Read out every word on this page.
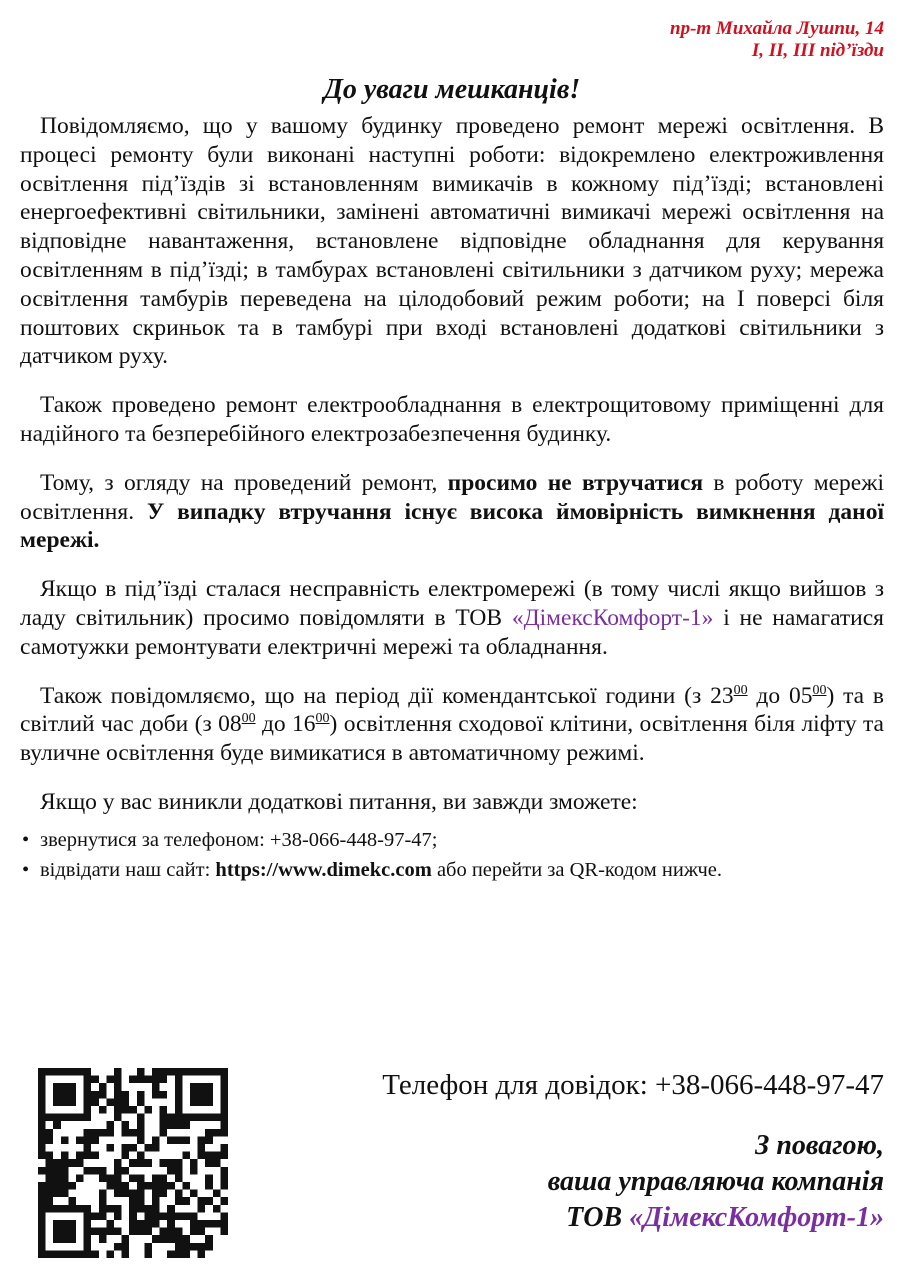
пр-т Михайла Лушпи, 14
І, ІІ, ІІІ під’їзди
До уваги мешканців!

Повідомляємо, що у вашому будинку проведено ремонт мережі освітлення. В процесі ремонту були виконані наступні роботи: відокремлено електроживлення освітлення під’їздів зі встановленням вимикачів в кожному під’їзді; встановлені енергоефективні світильники, замінені автоматичні вимикачі мережі освітлення на відповідне навантаження, встановлене відповідне обладнання для керування освітленням в під’їзді; в тамбурах встановлені світильники з датчиком руху; мережа освітлення тамбурів переведена на цілодобовий режим роботи; на І поверсі біля поштових скриньок та в тамбурі при вході встановлені додаткові світильники з датчиком руху.

Також проведено ремонт електрообладнання в електрощитовому приміщенні для надійного та безперебійного електрозабезпечення будинку.

Тому, з огляду на проведений ремонт, просимо не втручатися в роботу мережі освітлення. У випадку втручання існує висока ймовірність вимкнення даної мережі.

Якщо в під’їзді сталася несправність електромережі (в тому числі якщо вийшов з ладу світильник) просимо повідомляти в ТОВ «ДімексКомфорт-1» і не намагатися самотужки ремонтувати електричні мережі та обладнання.

Також повідомляємо, що на період дії комендантської години (з $23^{00}$ до $05^{00}$) та в світлий час доби (з $08^{00}$ до $16^{00}$) освітлення сходової клітини, освітлення біля ліфту та вуличне освітлення буде вимикатися в автоматичному режимі.

Якщо у вас виникли додаткові питання, ви завжди зможете:

• звернутися за телефоном: +38-066-448-97-47;
• відвідати наш сайт: https://www.dimekc.com або перейти за QR-кодом нижче.
Телефон для довідок: +38-066-448-97-47
З повагою,
ваша управляюча компанія
ТОВ «ДімексКомфорт-1»
